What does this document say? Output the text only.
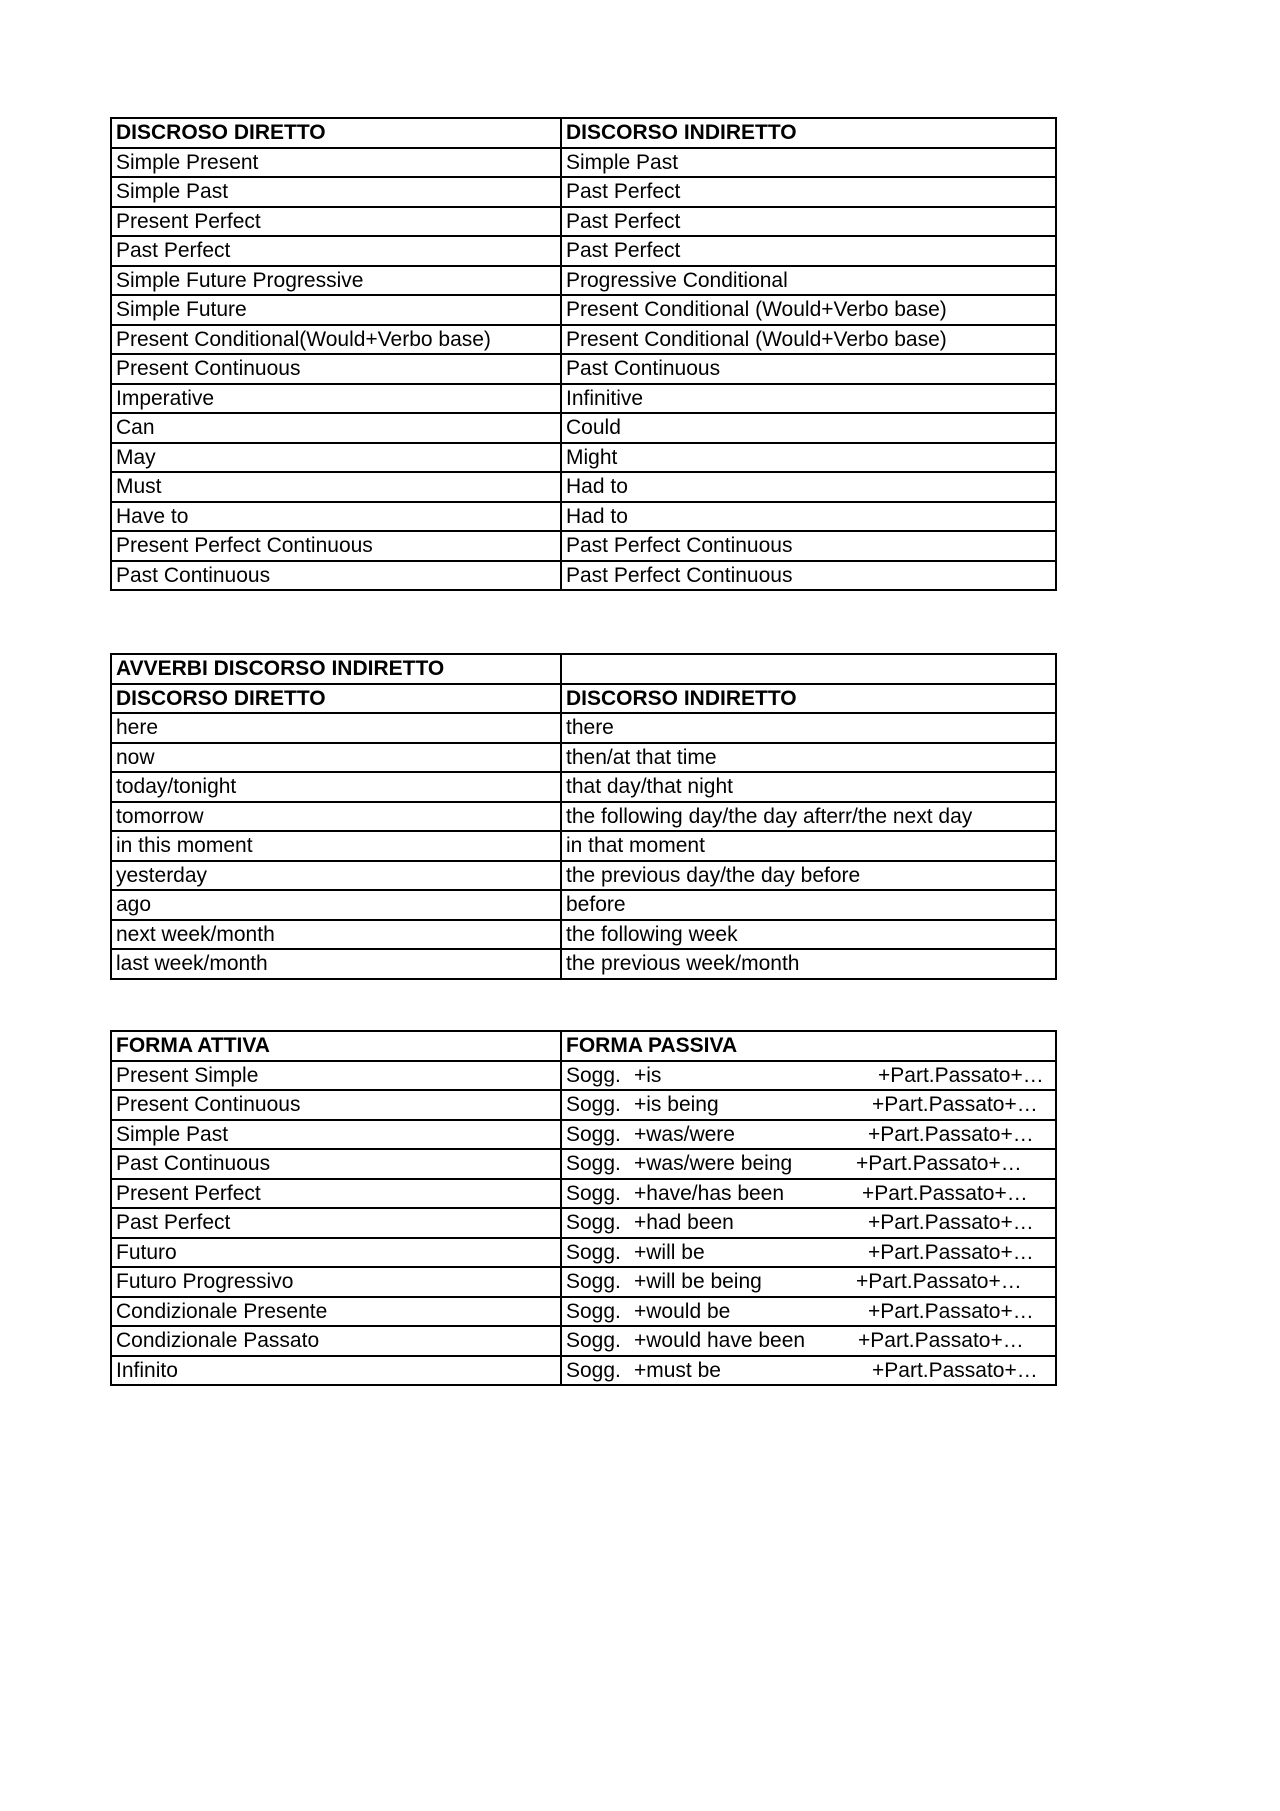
DISCROSO DIRETTO	DISCORSO INDIRETTO
Simple Present	Simple Past
Simple Past	Past Perfect
Present Perfect	Past Perfect
Past Perfect	Past Perfect
Simple Future Progressive	Progressive Conditional
Simple Future	Present Conditional (Would+Verbo base)
Present Conditional(Would+Verbo base)	Present Conditional (Would+Verbo base)
Present Continuous	Past Continuous
Imperative	Infinitive
Can	Could
May	Might
Must	Had to
Have to	Had to
Present Perfect Continuous	Past Perfect Continuous
Past Continuous	Past Perfect Continuous
AVVERBI DISCORSO INDIRETTO	
DISCORSO DIRETTO	DISCORSO INDIRETTO
here	there
now	then/at that time
today/tonight	that day/that night
tomorrow	the following day/the day afterr/the next day
in this moment	in that moment
yesterday	the previous day/the day before
ago	before
next week/month	the following week
last week/month	the previous week/month
FORMA ATTIVA	FORMA PASSIVA
Present Simple	Sogg. +is +Part.Passato+…

Present Continuous	Sogg. +is being +Part.Passato+…

Simple Past	Sogg. +was/were +Part.Passato+…

Past Continuous	Sogg. +was/were being +Part.Passato+…

Present Perfect	Sogg. +have/has been +Part.Passato+…

Past Perfect	Sogg. +had been +Part.Passato+…

Futuro	Sogg. +will be +Part.Passato+…

Futuro Progressivo	Sogg. +will be being +Part.Passato+…

Condizionale Presente	Sogg. +would be +Part.Passato+…

Condizionale Passato	Sogg. +would have been +Part.Passato+…

Infinito	Sogg. +must be +Part.Passato+…
